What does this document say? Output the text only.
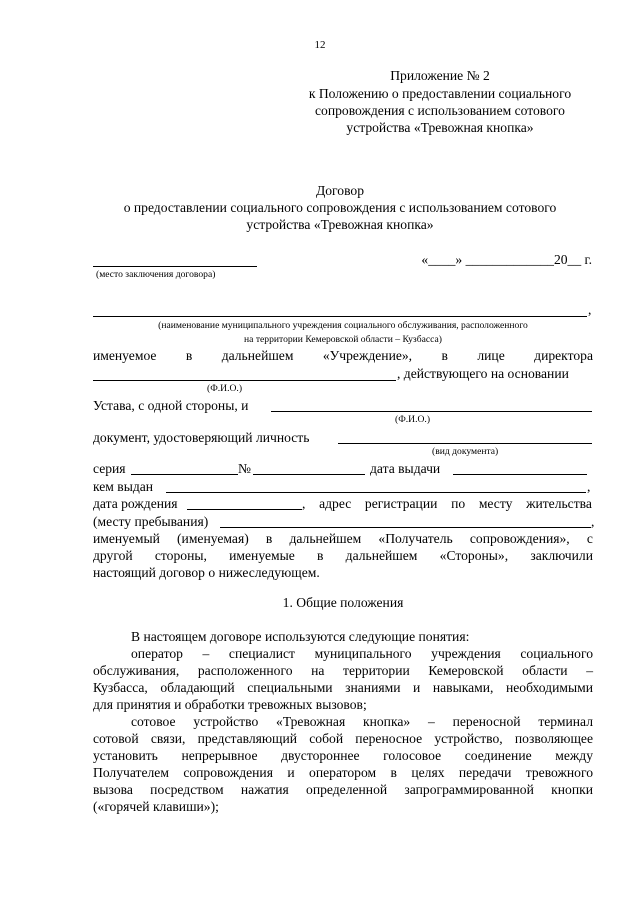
12
Приложение № 2
к Положению о предоставлении социального
сопровождения с использованием сотового
устройства «Тревожная кнопка»
Договор
о предоставлении социального сопровождения с использованием сотового
устройства «Тревожная кнопка»
«____» _____________20__ г.
(место заключения договора)
,
(наименование муниципального учреждения социального обслуживания, расположенного
на территории Кемеровской области – Кузбасса)
именуемое в дальнейшем «Учреждение», в лице директора
, действующего на основании
(Ф.И.О.)
Устава, с одной стороны, и
(Ф.И.О.)
документ, удостоверяющий личность
(вид документа)
серия	№	дата выдачи
кем выдан	,
дата рождения	, адрес регистрации по месту жительства
(месту пребывания)	,
именуемый (именуемая) в дальнейшем «Получатель сопровождения», с
другой стороны, именуемые в дальнейшем «Стороны», заключили
настоящий договор о нижеследующем.
1. Общие положения
В настоящем договоре используются следующие понятия:
оператор – специалист муниципального учреждения социального
обслуживания, расположенного на территории Кемеровской области –
Кузбасса, обладающий специальными знаниями и навыками, необходимыми
для принятия и обработки тревожных вызовов;
сотовое устройство «Тревожная кнопка» – переносной терминал
сотовой связи, представляющий собой переносное устройство, позволяющее
установить непрерывное двустороннее голосовое соединение между
Получателем сопровождения и оператором в целях передачи тревожного
вызова посредством нажатия определенной запрограммированной кнопки
(«горячей клавиши»);
